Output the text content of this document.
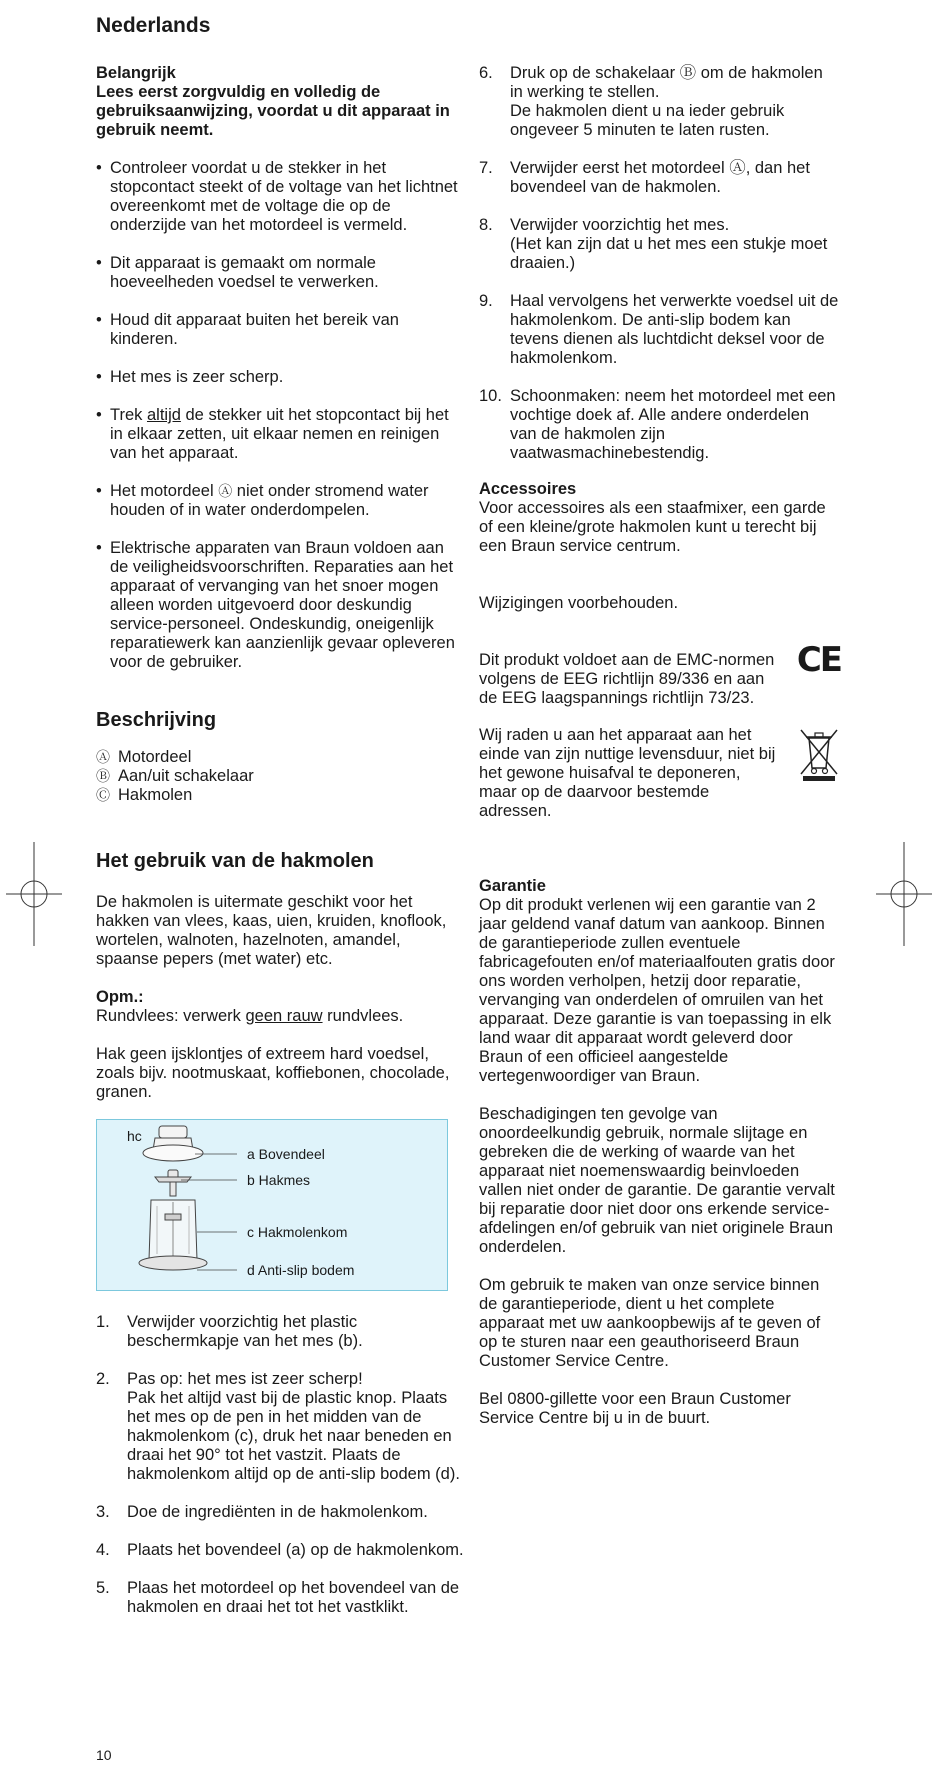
Nederlands

Belangrijk

Lees eerst zorgvuldig en volledig de gebruiksaanwijzing, voordat u dit apparaat in gebruik neemt.

• Controleer voordat u de stekker in het stopcontact steekt of de voltage van het lichtnet overeenkomt met de voltage die op de onderzijde van het motordeel is vermeld.
• Dit apparaat is gemaakt om normale hoeveelheden voedsel te verwerken.
• Houd dit apparaat buiten het bereik van kinderen.
• Het mes is zeer scherp.
• Trek altijd de stekker uit het stopcontact bij het in elkaar zetten, uit elkaar nemen en reinigen van het apparaat.
• Het motordeel Ⓐ niet onder stromend water houden of in water onderdompelen.
• Elektrische apparaten van Braun voldoen aan de veiligheidsvoorschriften. Reparaties aan het apparaat of vervanging van het snoer mogen alleen worden uitgevoerd door deskundig service-personeel. Ondeskundig, oneigenlijk reparatiewerk kan aanzienlijk gevaar opleveren voor de gebruiker.
Beschrijving
Ⓐ Motordeel
Ⓑ Aan/uit schakelaar
Ⓒ Hakmolen
Het gebruik van de hakmolen

De hakmolen is uitermate geschikt voor het hakken van vlees, kaas, uien, kruiden, knoflook, wortelen, walnoten, hazelnoten, amandel, spaanse pepers (met water) etc.

Opm.:

Rundvlees: verwerk geen rauw rundvlees.

Hak geen ijsklontjes of extreem hard voedsel, zoals bijv. nootmuskaat, koffiebonen, chocolade, granen.

hc
a Bovendeel
b Hakmes
c Hakmolenkom
d Anti-slip bodem
1. Verwijder voorzichtig het plastic beschermkapje van het mes (b).
2. Pas op: het mes ist zeer scherp!
Pak het altijd vast bij de plastic knop. Plaats het mes op de pen in het midden van de hakmolenkom (c), druk het naar beneden en draai het 90° tot het vastzit. Plaats de hakmolenkom altijd op de anti-slip bodem (d).
3. Doe de ingrediënten in de hakmolenkom.
4. Plaats het bovendeel (a) op de hakmolenkom.
5. Plaas het motordeel op het bovendeel van de hakmolen en draai het tot het vastklikt.
6. Druk op de schakelaar Ⓑ om de hakmolen in werking te stellen.
De hakmolen dient u na ieder gebruik ongeveer 5 minuten te laten rusten.
7. Verwijder eerst het motordeel Ⓐ, dan het bovendeel van de hakmolen.
8. Verwijder voorzichtig het mes.
(Het kan zijn dat u het mes een stukje moet draaien.)
9. Haal vervolgens het verwerkte voedsel uit de hakmolenkom. De anti-slip bodem kan tevens dienen als luchtdicht deksel voor de hakmolenkom.
10. Schoonmaken: neem het motordeel met een vochtige doek af. Alle andere onderdelen van de hakmolen zijn vaatwasmachinebestendig.

Accessoires

Voor accessoires als een staafmixer, een garde of een kleine/grote hakmolen kunt u terecht bij een Braun service centrum.

Wijzigingen voorbehouden.

Dit produkt voldoet aan de EMC-normen volgens de EEG richtlijn 89/336 en aan de EEG laagspannings richtlijn 73/23.

CE

Wij raden u aan het apparaat aan het einde van zijn nuttige levensduur, niet bij het gewone huisafval te deponeren, maar op de daarvoor bestemde adressen.

Garantie

Op dit produkt verlenen wij een garantie van 2 jaar geldend vanaf datum van aankoop. Binnen de garantieperiode zullen eventuele fabricagefouten en/of materiaalfouten gratis door ons worden verholpen, hetzij door reparatie, vervanging van onderdelen of omruilen van het apparaat. Deze garantie is van toepassing in elk land waar dit apparaat wordt geleverd door Braun of een officieel aangestelde vertegenwoordiger van Braun.

Beschadigingen ten gevolge van onoordeelkundig gebruik, normale slijtage en gebreken die de werking of waarde van het apparaat niet noemenswaardig beinvloeden vallen niet onder de garantie. De garantie vervalt bij reparatie door niet door ons erkende service-afdelingen en/of gebruik van niet originele Braun onderdelen.

Om gebruik te maken van onze service binnen de garantieperiode, dient u het complete apparaat met uw aankoopbewijs af te geven of op te sturen naar een geauthoriseerd Braun Customer Service Centre.

Bel 0800-gillette voor een Braun Customer Service Centre bij u in de buurt.

10
